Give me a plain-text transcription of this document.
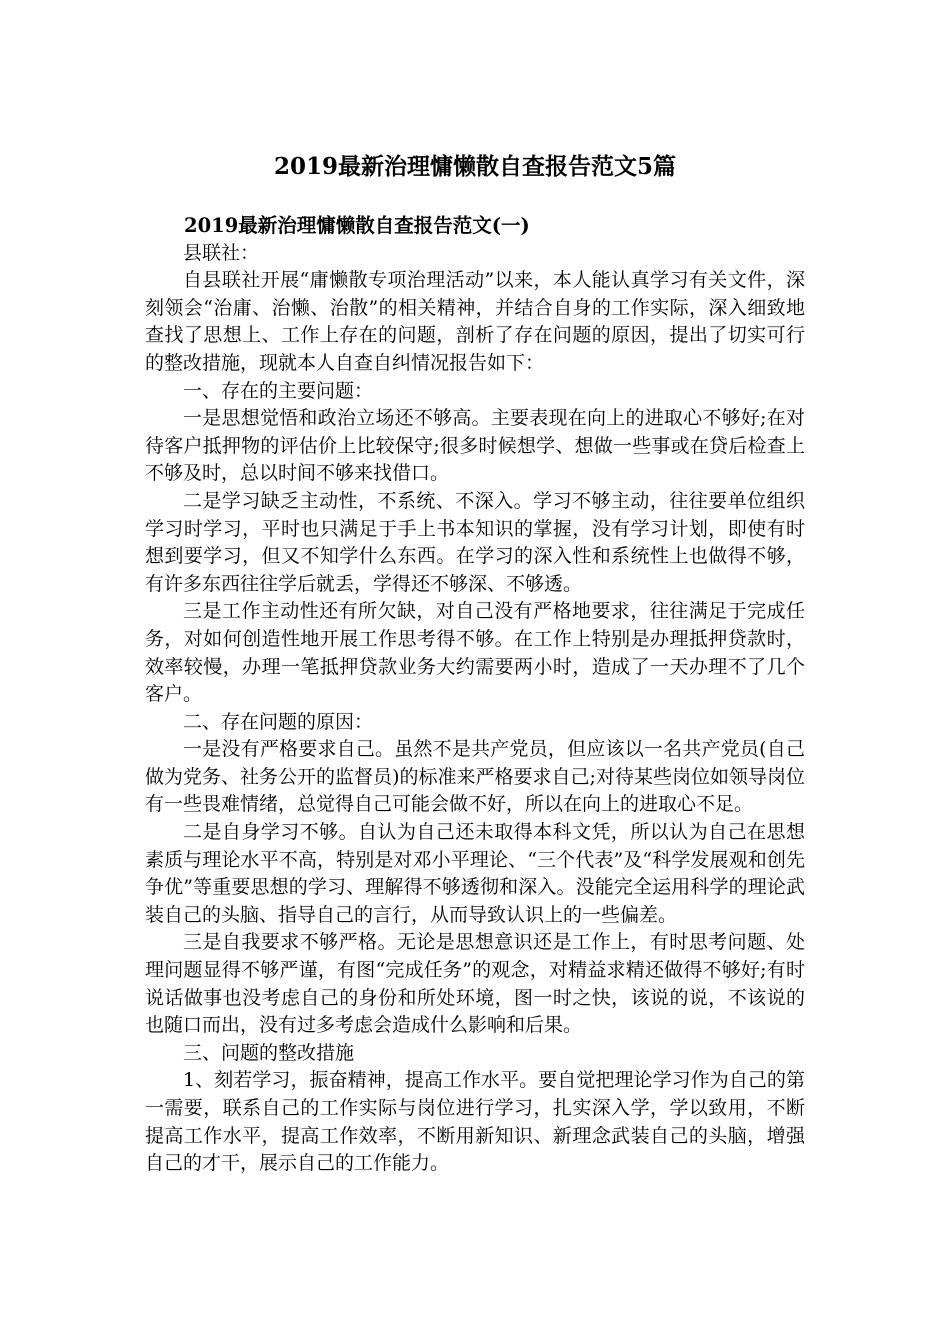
2019最新治理慵懒散自查报告范文5篇

2019最新治理慵懒散自查报告范文(一)

县联社：

自县联社开展“庸懒散专项治理活动”以来，本人能认真学习有关文件，深刻领会“治庸、治懒、治散”的相关精神，并结合自身的工作实际，深入细致地查找了思想上、工作上存在的问题，剖析了存在问题的原因，提出了切实可行的整改措施，现就本人自查自纠情况报告如下：

一、存在的主要问题：

一是思想觉悟和政治立场还不够高。主要表现在向上的进取心不够好;在对待客户抵押物的评估价上比较保守;很多时候想学、想做一些事或在贷后检查上不够及时，总以时间不够来找借口。

二是学习缺乏主动性，不系统、不深入。学习不够主动，往往要单位组织学习时学习，平时也只满足于手上书本知识的掌握，没有学习计划，即使有时想到要学习，但又不知学什么东西。在学习的深入性和系统性上也做得不够，有许多东西往往学后就丢，学得还不够深、不够透。

三是工作主动性还有所欠缺，对自己没有严格地要求，往往满足于完成任务，对如何创造性地开展工作思考得不够。在工作上特别是办理抵押贷款时，效率较慢，办理一笔抵押贷款业务大约需要两小时，造成了一天办理不了几个客户。

二、存在问题的原因：

一是没有严格要求自己。虽然不是共产党员，但应该以一名共产党员(自己做为党务、社务公开的监督员)的标准来严格要求自己;对待某些岗位如领导岗位有一些畏难情绪，总觉得自己可能会做不好，所以在向上的进取心不足。

二是自身学习不够。自认为自己还未取得本科文凭，所以认为自己在思想素质与理论水平不高，特别是对邓小平理论、“三个代表”及“科学发展观和创先争优”等重要思想的学习、理解得不够透彻和深入。没能完全运用科学的理论武装自己的头脑、指导自己的言行，从而导致认识上的一些偏差。

三是自我要求不够严格。无论是思想意识还是工作上，有时思考问题、处理问题显得不够严谨，有图“完成任务”的观念，对精益求精还做得不够好;有时说话做事也没考虑自己的身份和所处环境，图一时之快，该说的说，不该说的也随口而出，没有过多考虑会造成什么影响和后果。

三、问题的整改措施

1、刻若学习，振奋精神，提高工作水平。要自觉把理论学习作为自己的第一需要，联系自己的工作实际与岗位进行学习，扎实深入学，学以致用，不断提高工作水平，提高工作效率，不断用新知识、新理念武装自己的头脑，增强自己的才干，展示自己的工作能力。
